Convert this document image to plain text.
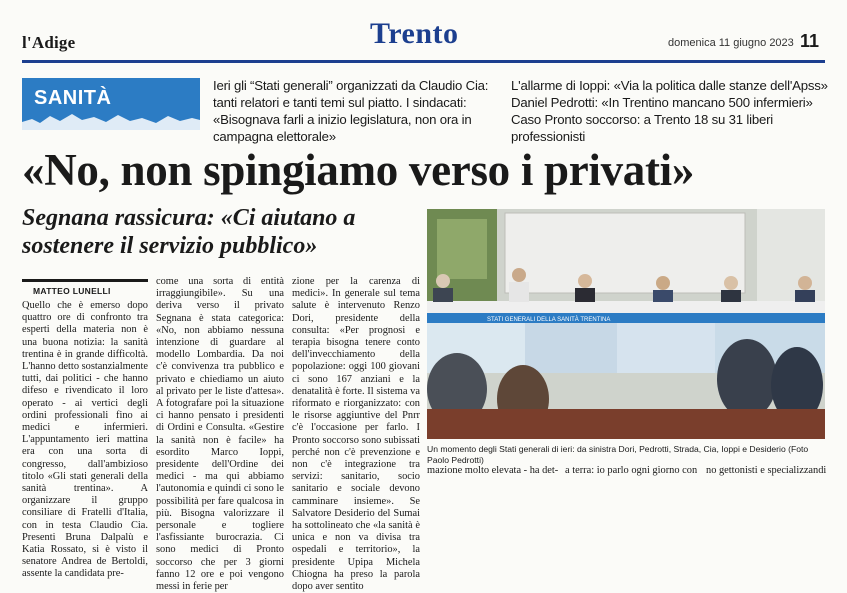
l'Adige	Trento	domenica 11 giugno 2023 11
SANITÀ
Ieri gli “Stati generali” organizzati da Claudio Cia: tanti relatori e tanti temi sul piatto. I sindacati: «Bisognava farli a inizio legislatura, non ora in campagna elettorale»
L'allarme di Ioppi: «Via la politica dalle stanze dell'Apss»
Daniel Pedrotti: «In Trentino mancano 500 infermieri»
Caso Pronto soccorso: a Trento 18 su 31 liberi professionisti
«No, non spingiamo verso i privati»
Segnana rassicura: «Ci aiutano a sostenere il servizio pubblico»
MATTEO LUNELLI
Quello che è emerso dopo quattro ore di confronto tra esperti della materia non è una buona notizia: la sanità trentina è in grande difficoltà. L'hanno detto sostanzialmente tutti, dai politici - che hanno difeso e rivendicato il loro operato - ai vertici degli ordini professionali fino ai medici e infermieri. L'appuntamento ieri mattina era con una sorta di congresso, dall'ambizioso titolo «Gli stati generali della sanità trentina». A organizzare il gruppo consiliare di Fratelli d'Italia, con in testa Claudio Cia. Presenti Bruna Dalpalù e Katia Rossato, si è visto il senatore Andrea de Bertoldi, assente la candidata pre-
come una sorta di entità irraggiungibile». Su una deriva verso il privato Segnana è stata categorica: «No, non abbiamo nessuna intenzione di guardare al modello Lombardia. Da noi c'è convivenza tra pubblico e privato e chiediamo un aiuto al privato per le liste d'attesa». A fotografare poi la situazione ci hanno pensato i presidenti di Ordini e Consulta. «Gestire la sanità non è facile» ha esordito Marco Ioppi, presidente dell'Ordine dei medici - ma qui abbiamo l'autonomia e quindi ci sono le possibilità per fare qualcosa in più. Bisogna valorizzare il personale e togliere l'asfissiante burocrazia. Ci sono medici di Pronto soccorso che per 3 giorni fanno 12 ore e poi vengono messi in ferie per
zione per la carenza di medici». In generale sul tema salute è intervenuto Renzo Dori, presidente della consulta: «Per prognosi e terapia bisogna tenere conto dell'invecchiamento della popolazione: oggi 100 giovani ci sono 167 anziani e la denatalità è forte. Il sistema va riformato e riorganizzato: con le risorse aggiuntive del Pnrr c'è l'occasione per farlo. I Pronto soccorso sono subissati perché non c'è prevenzione e non c'è integrazione tra servizi: sanitario, socio sanitario e sociale devono camminare insieme». Se Salvatore Desiderio del Sumai ha sottolineato che «la sanità è unica e non va divisa tra ospedali e territorio», la presidente Upipa Michela Chiogna ha preso la parola dopo aver sentito
STATI GENERALI DELLA SANITÀ TRENTINA
Un momento degli Stati generali di ieri: da sinistra Dori, Pedrotti, Strada, Cia, Ioppi e Desiderio (Foto Paolo Pedrotti)
mazione molto elevata - ha det- a terra: io parlo ogni giorno con no gettonisti e specializzandi
